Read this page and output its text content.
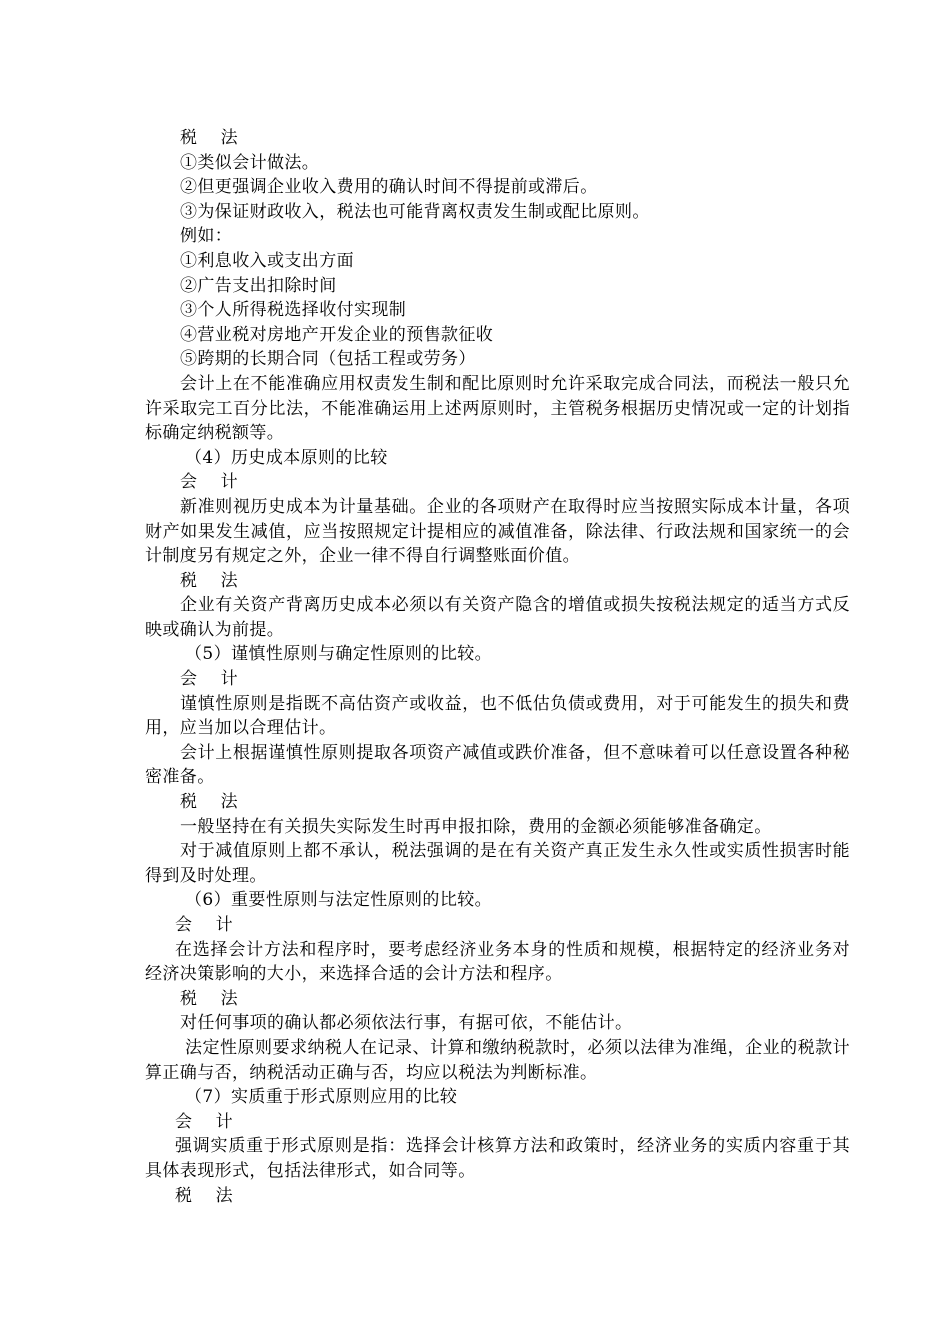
税    法

①类似会计做法。

②但更强调企业收入费用的确认时间不得提前或滞后。

③为保证财政收入，税法也可能背离权责发生制或配比原则。

例如：

①利息收入或支出方面

②广告支出扣除时间

③个人所得税选择收付实现制

④营业税对房地产开发企业的预售款征收

⑤跨期的长期合同（包括工程或劳务）

会计上在不能准确应用权责发生制和配比原则时允许采取完成合同法，而税法一般只允许采取完工百分比法，不能准确运用上述两原则时，主管税务根据历史情况或一定的计划指标确定纳税额等。

（4）历史成本原则的比较

会    计

新准则视历史成本为计量基础。企业的各项财产在取得时应当按照实际成本计量，各项财产如果发生减值，应当按照规定计提相应的减值准备，除法律、行政法规和国家统一的会计制度另有规定之外，企业一律不得自行调整账面价值。

税    法

企业有关资产背离历史成本必须以有关资产隐含的增值或损失按税法规定的适当方式反映或确认为前提。

（5）谨慎性原则与确定性原则的比较。

会    计

谨慎性原则是指既不高估资产或收益，也不低估负债或费用，对于可能发生的损失和费用，应当加以合理估计。

会计上根据谨慎性原则提取各项资产减值或跌价准备，但不意味着可以任意设置各种秘密准备。

税    法

一般坚持在有关损失实际发生时再申报扣除，费用的金额必须能够准备确定。

对于减值原则上都不承认，税法强调的是在有关资产真正发生永久性或实质性损害时能得到及时处理。

（6）重要性原则与法定性原则的比较。

会    计

在选择会计方法和程序时，要考虑经济业务本身的性质和规模，根据特定的经济业务对经济决策影响的大小，来选择合适的会计方法和程序。

税    法

对任何事项的确认都必须依法行事，有据可依，不能估计。

法定性原则要求纳税人在记录、计算和缴纳税款时，必须以法律为准绳，企业的税款计算正确与否，纳税活动正确与否，均应以税法为判断标准。

（7）实质重于形式原则应用的比较

会    计

强调实质重于形式原则是指：选择会计核算方法和政策时，经济业务的实质内容重于其具体表现形式，包括法律形式，如合同等。

税    法
